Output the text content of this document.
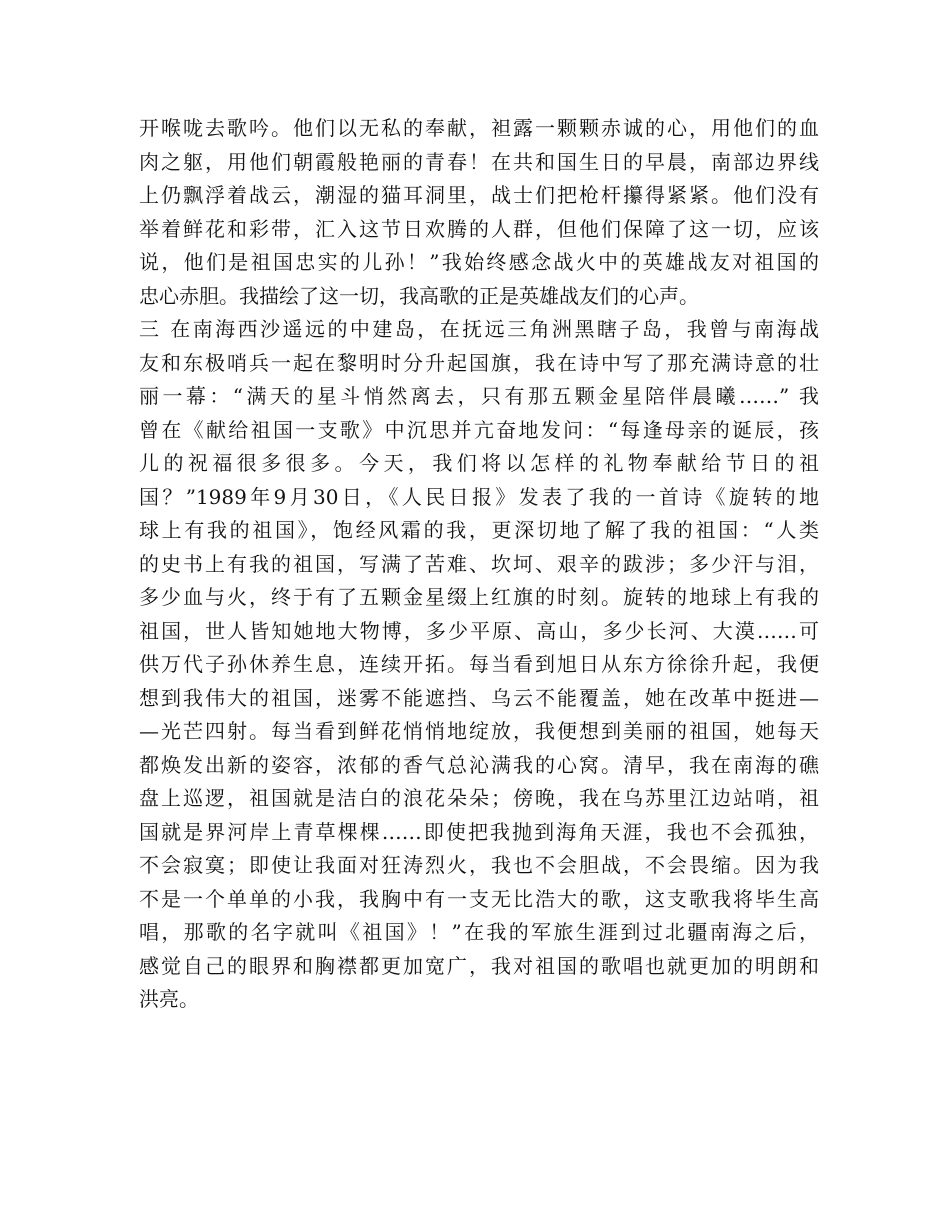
开喉咙去歌吟。他们以无私的奉献，袒露一颗颗赤诚的心，用他们的血
肉之躯，用他们朝霞般艳丽的青春！在共和国生日的早晨，南部边界线
上仍飘浮着战云，潮湿的猫耳洞里，战士们把枪杆攥得紧紧。他们没有
举着鲜花和彩带，汇入这节日欢腾的人群，但他们保障了这一切，应该
说，他们是祖国忠实的儿孙！”我始终感念战火中的英雄战友对祖国的
忠心赤胆。我描绘了这一切，我高歌的正是英雄战友们的心声。
三 在南海西沙遥远的中建岛，在抚远三角洲黑瞎子岛，我曾与南海战
友和东极哨兵一起在黎明时分升起国旗，我在诗中写了那充满诗意的壮
丽一幕：“满天的星斗悄然离去，只有那五颗金星陪伴晨曦……” 我
曾在《献给祖国一支歌》中沉思并亢奋地发问：“每逢母亲的诞辰，孩
儿的祝福很多很多。今天，我们将以怎样的礼物奉献给节日的祖
国？”1989年9月30日，《人民日报》发表了我的一首诗《旋转的地
球上有我的祖国》，饱经风霜的我，更深切地了解了我的祖国：“人类
的史书上有我的祖国，写满了苦难、坎坷、艰辛的跋涉；多少汗与泪，
多少血与火，终于有了五颗金星缀上红旗的时刻。旋转的地球上有我的
祖国，世人皆知她地大物博，多少平原、高山，多少长河、大漠……可
供万代子孙休养生息，连续开拓。每当看到旭日从东方徐徐升起，我便
想到我伟大的祖国，迷雾不能遮挡、乌云不能覆盖，她在改革中挺进—
—光芒四射。每当看到鲜花悄悄地绽放，我便想到美丽的祖国，她每天
都焕发出新的姿容，浓郁的香气总沁满我的心窝。清早，我在南海的礁
盘上巡逻，祖国就是洁白的浪花朵朵；傍晚，我在乌苏里江边站哨，祖
国就是界河岸上青草棵棵……即使把我抛到海角天涯，我也不会孤独，
不会寂寞；即使让我面对狂涛烈火，我也不会胆战，不会畏缩。因为我
不是一个单单的小我，我胸中有一支无比浩大的歌，这支歌我将毕生高
唱，那歌的名字就叫《祖国》！”在我的军旅生涯到过北疆南海之后，
感觉自己的眼界和胸襟都更加宽广，我对祖国的歌唱也就更加的明朗和
洪亮。
